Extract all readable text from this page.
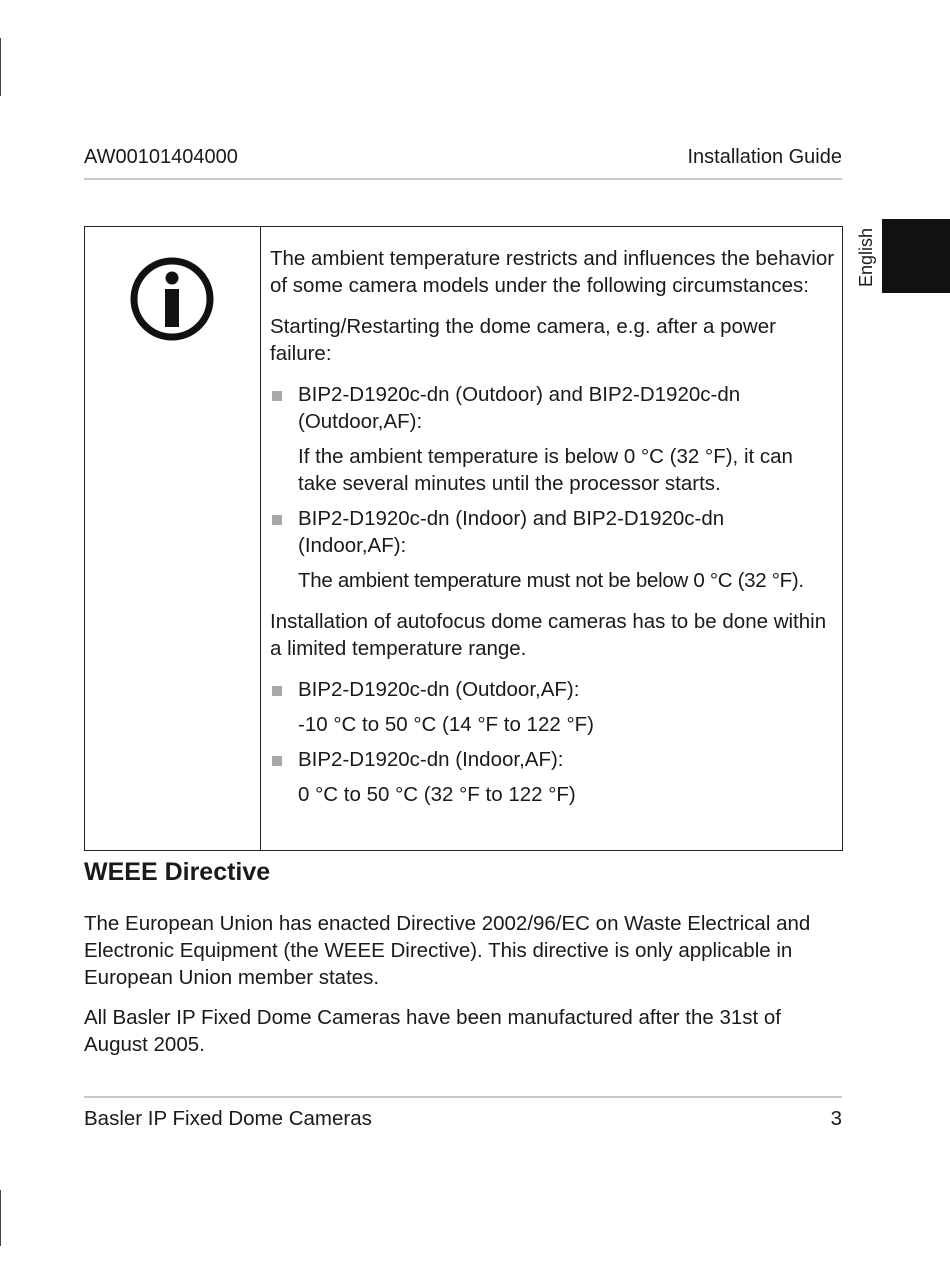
AW00101404000	Installation Guide
English

The ambient temperature restricts and influences the behavior of some camera models under the following circumstances:

Starting/Restarting the dome camera, e.g. after a power failure:

BIP2-D1920c-dn (Outdoor) and BIP2-D1920c-dn (Outdoor,AF):

If the ambient temperature is below 0 °C (32 °F), it can take several minutes until the processor starts.

BIP2-D1920c-dn (Indoor) and BIP2-D1920c-dn (Indoor,AF):

The ambient temperature must not be below 0 °C (32 °F).

Installation of autofocus dome cameras has to be done within a limited temperature range.

BIP2-D1920c-dn (Outdoor,AF):

-10 °C to 50 °C (14 °F to 122 °F)

BIP2-D1920c-dn (Indoor,AF):

0 °C to 50 °C (32 °F to 122 °F)

WEEE Directive

The European Union has enacted Directive 2002/96/EC on Waste Electrical and Electronic Equipment (the WEEE Directive). This directive is only applicable in European Union member states.

All Basler IP Fixed Dome Cameras have been manufactured after the 31st of August 2005.

Basler IP Fixed Dome Cameras	3
